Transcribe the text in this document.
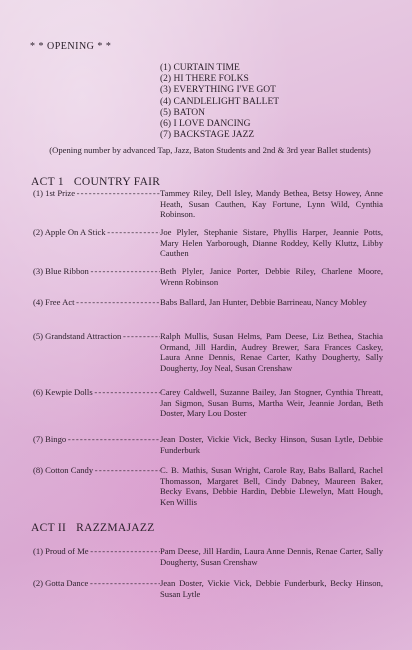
* * OPENING * *
(1) CURTAIN TIME
(2) HI THERE FOLKS
(3) EVERYTHING I'VE GOT
(4) CANDLELIGHT BALLET
(5) BATON
(6) I LOVE DANCING
(7) BACKSTAGE JAZZ
(Opening number by advanced Tap, Jazz, Baton Students and 2nd & 3rd year Ballet students)
ACT 1 COUNTRY FAIR
(1) 1st Prize - - -	Tammey Riley, Dell Isley, Mandy Bethea, Betsy Howey, Anne Heath, Susan Cauthen, Kay Fortune, Lynn Wild, Cynthia Robinson.
(2) Apple On A Stick - - -	Joe Plyler, Stephanie Sistare, Phyllis Harper, Jeannie Potts, Mary Helen Yarborough, Dianne Roddey, Kelly Kluttz, Libby Cauthen
(3) Blue Ribbon - - -	Beth Plyler, Janice Porter, Debbie Riley, Charlene Moore, Wrenn Robinson
(4) Free Act - - -	Babs Ballard, Jan Hunter, Debbie Barrineau, Nancy Mobley
(5) Grandstand Attraction - - -	Ralph Mullis, Susan Helms, Pam Deese, Liz Bethea, Stachia Ormand, Jill Hardin, Audrey Brewer, Sara Frances Caskey, Laura Anne Dennis, Renae Carter, Kathy Dougherty, Sally Dougherty, Joy Neal, Susan Crenshaw
(6) Kewpie Dolls - - -	Carey Caldwell, Suzanne Bailey, Jan Stogner, Cynthia Threatt, Jan Sigmon, Susan Burns, Martha Weir, Jeannie Jordan, Beth Doster, Mary Lou Doster
(7) Bingo - - -	Jean Doster, Vickie Vick, Becky Hinson, Susan Lytle, Debbie Funderburk
(8) Cotton Candy - - -	C. B. Mathis, Susan Wright, Carole Ray, Babs Ballard, Rachel Thomasson, Margaret Bell, Cindy Dabney, Maureen Baker, Becky Evans, Debbie Hardin, Debbie Llewelyn, Matt Hough, Ken Willis
ACT II RAZZMAJAZZ
(1) Proud of Me - - -	Pam Deese, Jill Hardin, Laura Anne Dennis, Renae Carter, Sally Dougherty, Susan Crenshaw
(2) Gotta Dance - - -	Jean Doster, Vickie Vick, Debbie Funderburk, Becky Hinson, Susan Lytle
